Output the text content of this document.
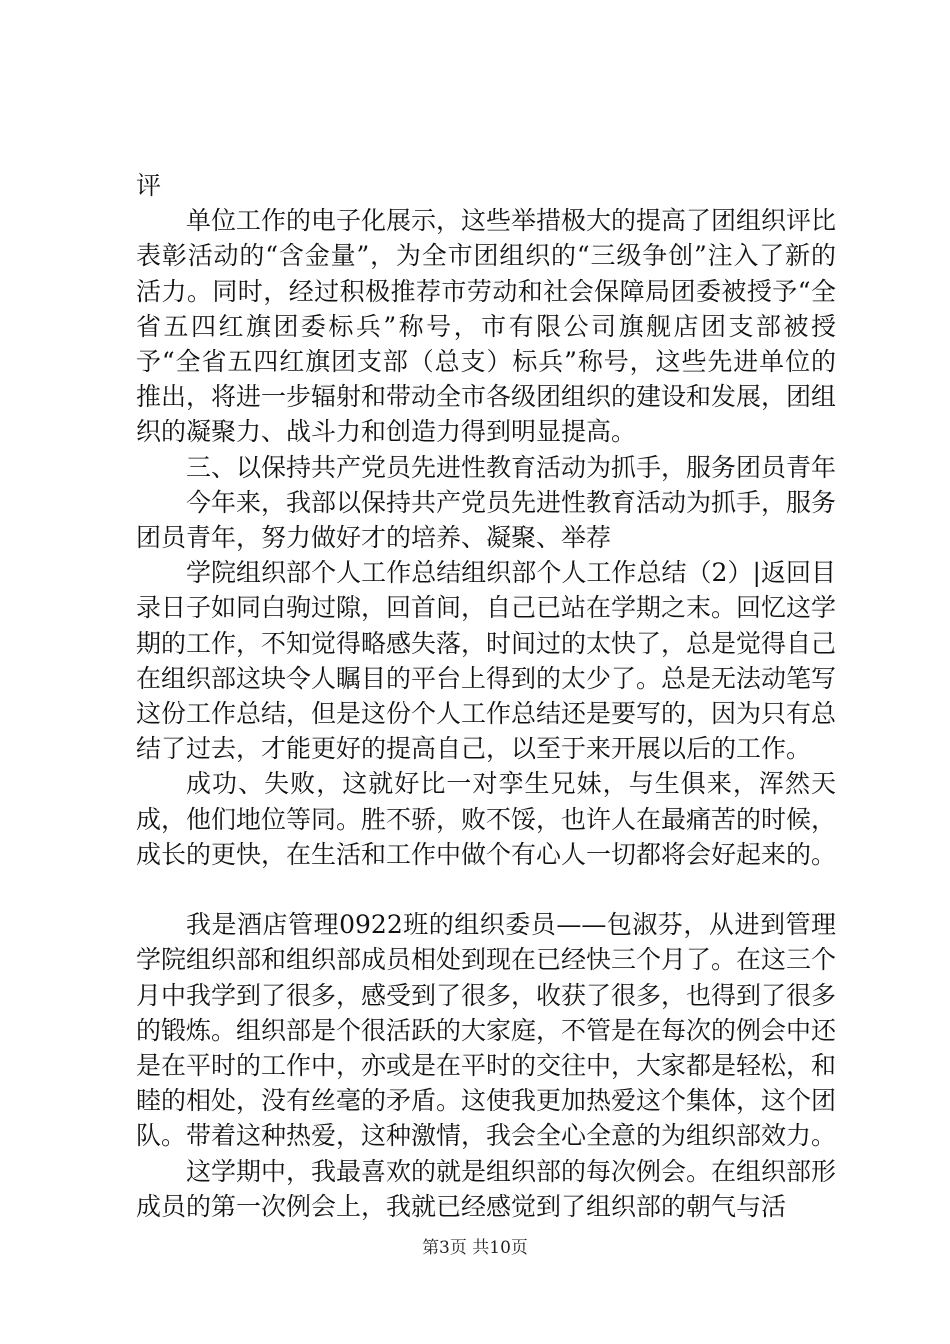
评

单位工作的电子化展示，这些举措极大的提高了团组织评比表彰活动的“含金量”，为全市团组织的“三级争创”注入了新的活力。同时，经过积极推荐市劳动和社会保障局团委被授予“全省五四红旗团委标兵”称号，市有限公司旗舰店团支部被授予“全省五四红旗团支部（总支）标兵”称号，这些先进单位的推出，将进一步辐射和带动全市各级团组织的建设和发展，团组织的凝聚力、战斗力和创造力得到明显提高。

三、以保持共产党员先进性教育活动为抓手，服务团员青年

今年来，我部以保持共产党员先进性教育活动为抓手，服务团员青年，努力做好才的培养、凝聚、举荐

学院组织部个人工作总结组织部个人工作总结（2）|返回目录日子如同白驹过隙，回首间，自己已站在学期之末。回忆这学期的工作，不知觉得略感失落，时间过的太快了，总是觉得自己在组织部这块令人瞩目的平台上得到的太少了。总是无法动笔写这份工作总结，但是这份个人工作总结还是要写的，因为只有总结了过去，才能更好的提高自己，以至于来开展以后的工作。

成功、失败，这就好比一对孪生兄妹，与生俱来，浑然天成，他们地位等同。胜不骄，败不馁，也许人在最痛苦的时候，成长的更快，在生活和工作中做个有心人一切都将会好起来的。

我是酒店管理0922班的组织委员——包淑芬，从进到管理学院组织部和组织部成员相处到现在已经快三个月了。在这三个月中我学到了很多，感受到了很多，收获了很多，也得到了很多的锻炼。组织部是个很活跃的大家庭，不管是在每次的例会中还是在平时的工作中，亦或是在平时的交往中，大家都是轻松，和睦的相处，没有丝毫的矛盾。这使我更加热爱这个集体，这个团队。带着这种热爱，这种激情，我会全心全意的为组织部效力。

这学期中，我最喜欢的就是组织部的每次例会。在组织部形成员的第一次例会上，我就已经感觉到了组织部的朝气与活

第3页 共10页
